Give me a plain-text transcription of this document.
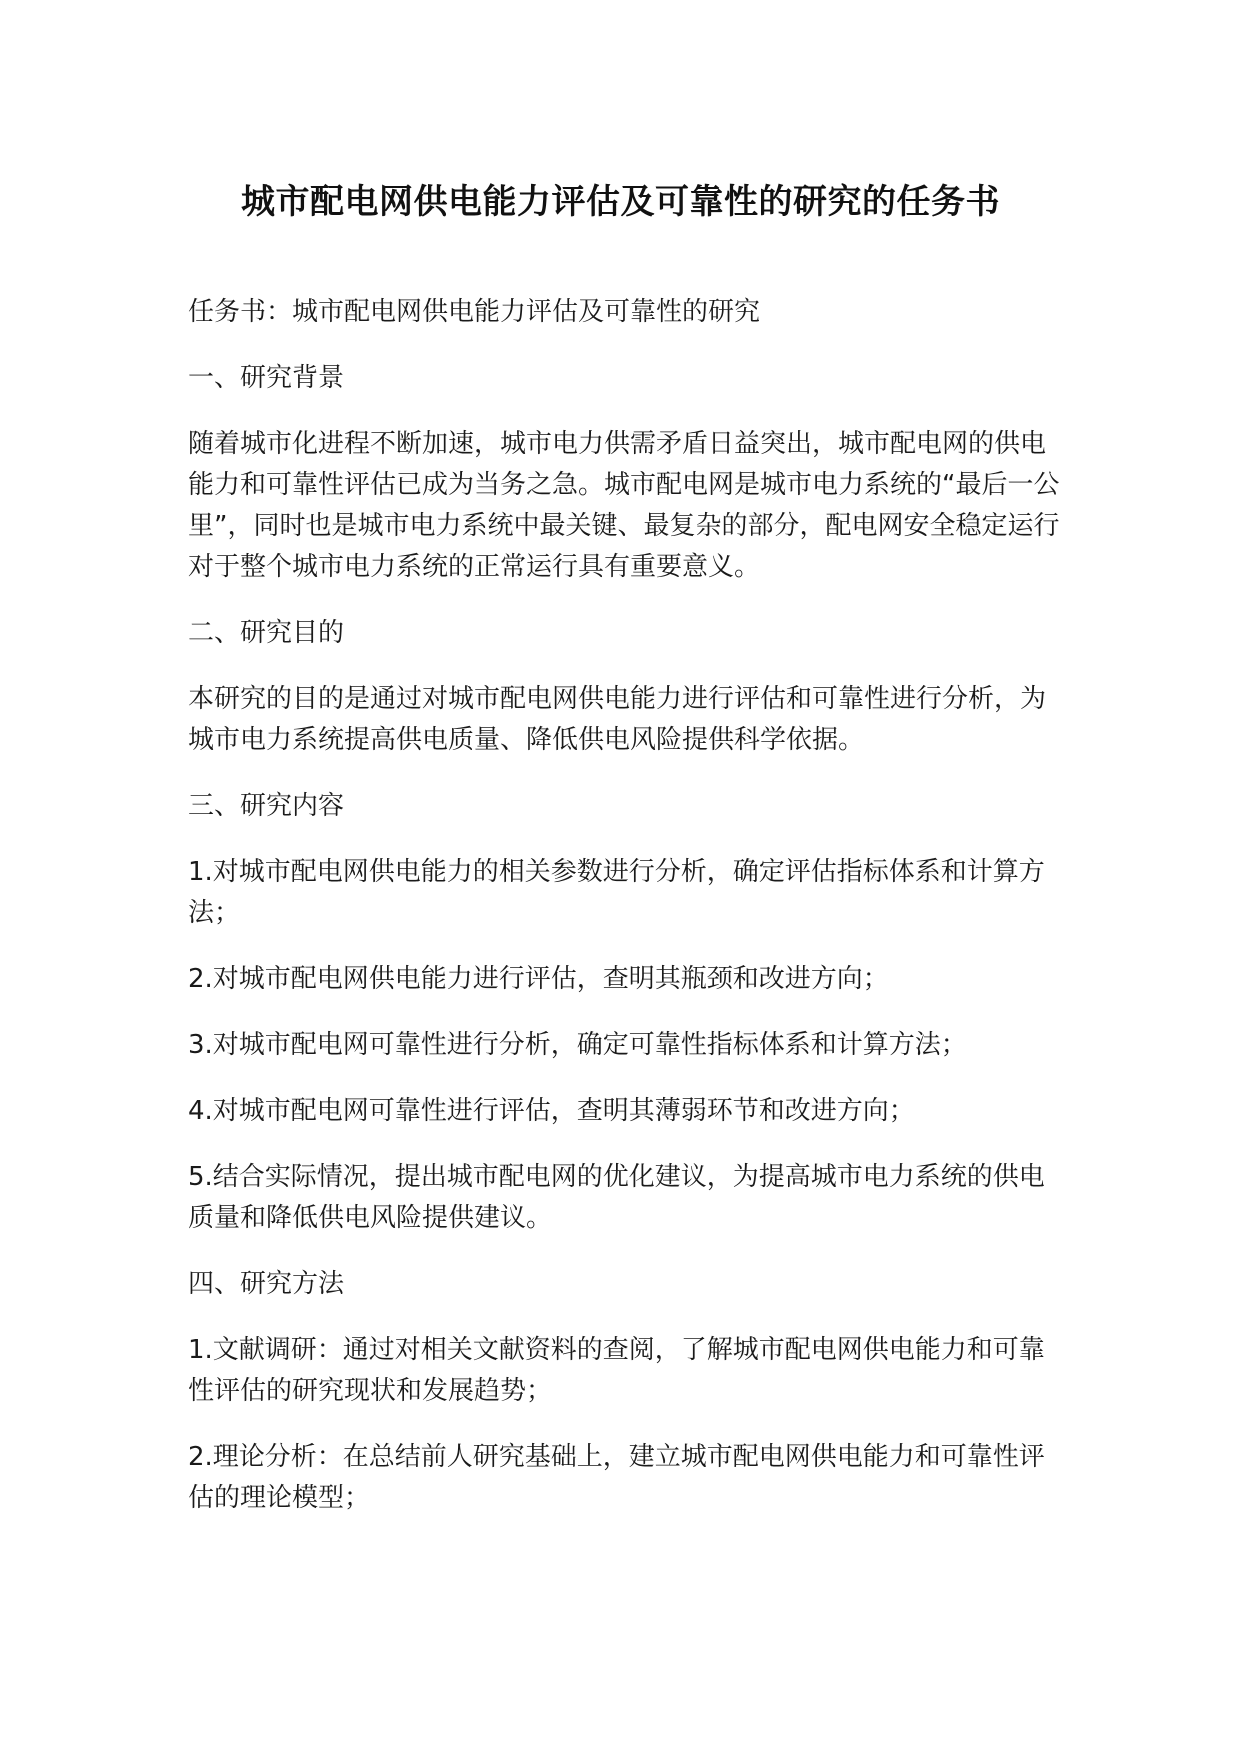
城市配电网供电能力评估及可靠性的研究的任务书

任务书：城市配电网供电能力评估及可靠性的研究

一、研究背景

随着城市化进程不断加速，城市电力供需矛盾日益突出，城市配电网的供电能力和可靠性评估已成为当务之急。城市配电网是城市电力系统的“最后一公里”，同时也是城市电力系统中最关键、最复杂的部分，配电网安全稳定运行对于整个城市电力系统的正常运行具有重要意义。

二、研究目的

本研究的目的是通过对城市配电网供电能力进行评估和可靠性进行分析，为城市电力系统提高供电质量、降低供电风险提供科学依据。

三、研究内容

1.对城市配电网供电能力的相关参数进行分析，确定评估指标体系和计算方法；

2.对城市配电网供电能力进行评估，查明其瓶颈和改进方向；

3.对城市配电网可靠性进行分析，确定可靠性指标体系和计算方法；

4.对城市配电网可靠性进行评估，查明其薄弱环节和改进方向；

5.结合实际情况，提出城市配电网的优化建议，为提高城市电力系统的供电质量和降低供电风险提供建议。

四、研究方法

1.文献调研：通过对相关文献资料的查阅，了解城市配电网供电能力和可靠性评估的研究现状和发展趋势；

2.理论分析：在总结前人研究基础上，建立城市配电网供电能力和可靠性评估的理论模型；
